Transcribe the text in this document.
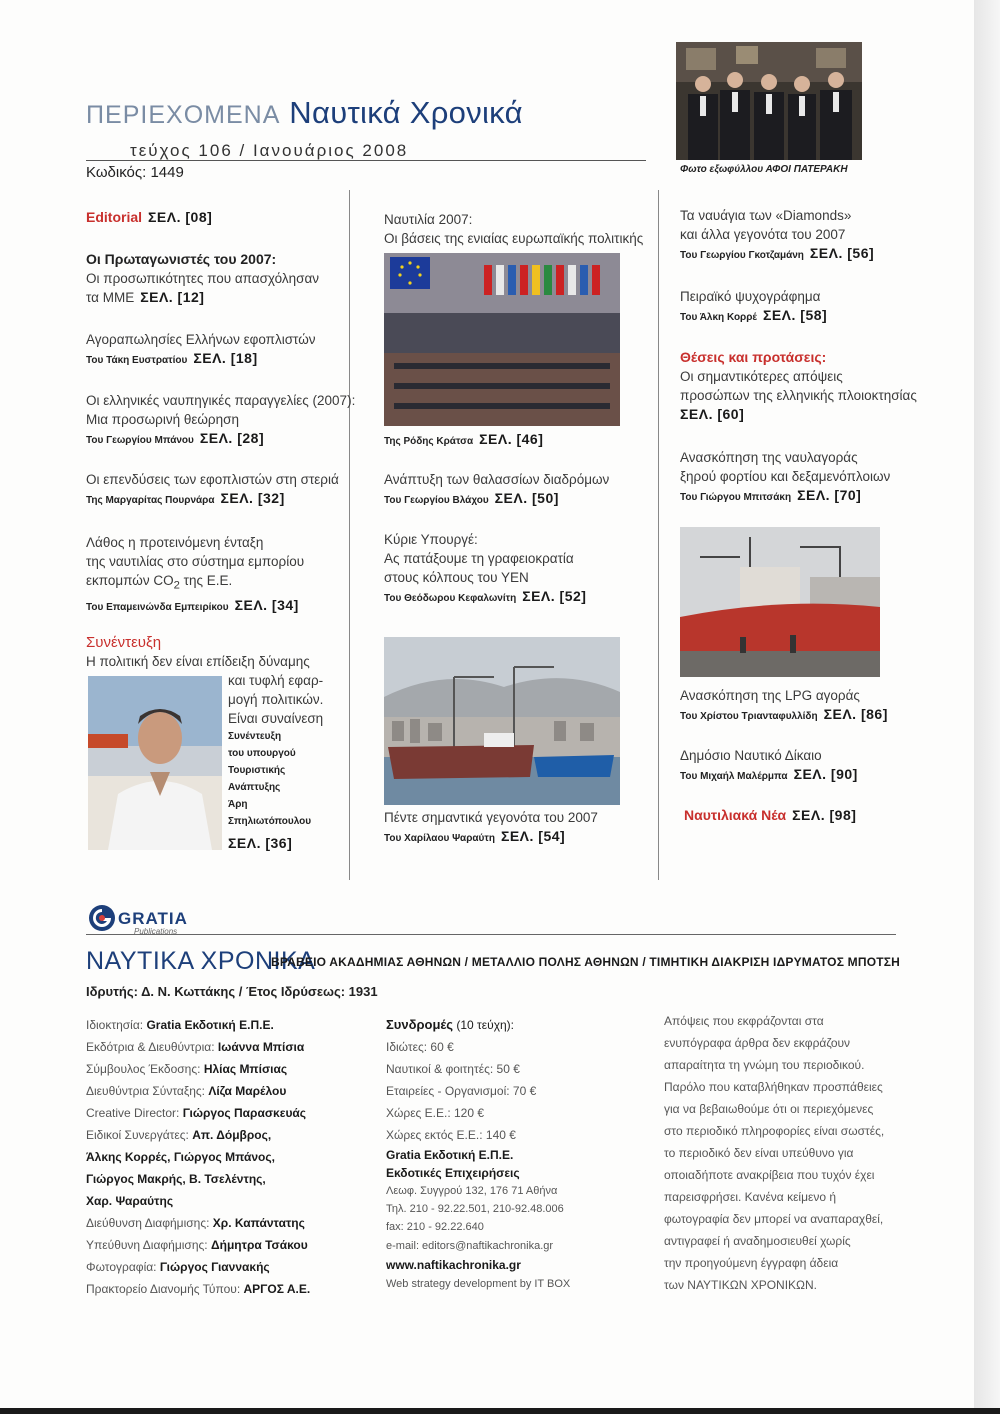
ΠΕΡΙΕΧΟΜΕΝΑ Ναυτικά Χρονικά
τεύχος 106 / Ιανουάριος 2008
Κωδικός: 1449	Φωτο εξωφύλλου ΑΦΟΙ ΠΑΤΕΡΑΚΗ
Editorial ΣΕΛ. [08]
Οι Πρωταγωνιστές του 2007:
Οι προσωπικότητες που απασχόλησαν
τα ΜΜΕ ΣΕΛ. [12]
Αγοραπωλησίες Ελλήνων εφοπλιστών
Του Τάκη Ευστρατίου ΣΕΛ. [18]
Οι ελληνικές ναυπηγικές παραγγελίες (2007):
Μια προσωρινή θεώρηση
Του Γεωργίου Μπάνου ΣΕΛ. [28]
Οι επενδύσεις των εφοπλιστών στη στεριά
Της Μαργαρίτας Πουρνάρα ΣΕΛ. [32]
Λάθος η προτεινόμενη ένταξη
της ναυτιλίας στο σύστημα εμπορίου
εκπομπών $CO_2$ της Ε.Ε.
Του Επαμεινώνδα Εμπειρίκου ΣΕΛ. [34]
Συνέντευξη
Η πολιτική δεν είναι επίδειξη δύναμης
και τυφλή εφαρ-
μογή πολιτικών.
Είναι συναίνεση
Συνέντευξη
του υπουργού
Τουριστικής
Ανάπτυξης
Άρη
Σπηλιωτόπουλου
ΣΕΛ. [36]
Ναυτιλία 2007:
Οι βάσεις της ενιαίας ευρωπαϊκής πολιτικής
Της Ρόδης Κράτσα ΣΕΛ. [46]
Ανάπτυξη των θαλασσίων διαδρόμων
Του Γεωργίου Βλάχου ΣΕΛ. [50]
Κύριε Υπουργέ:
Ας πατάξουμε τη γραφειοκρατία
στους κόλπους του ΥΕΝ
Του Θεόδωρου Κεφαλωνίτη ΣΕΛ. [52]
Πέντε σημαντικά γεγονότα του 2007
Του Χαρίλαου Ψαραύτη ΣΕΛ. [54]
Τα ναυάγια των «Diamonds»
και άλλα γεγονότα του 2007
Του Γεωργίου Γκοτζαμάνη ΣΕΛ. [56]
Πειραϊκό ψυχογράφημα
Του Άλκη Κορρέ ΣΕΛ. [58]
Θέσεις και προτάσεις:
Οι σημαντικότερες απόψεις
προσώπων της ελληνικής πλοιοκτησίας
ΣΕΛ. [60]
Ανασκόπηση της ναυλαγοράς
ξηρού φορτίου και δεξαμενόπλοιων
Του Γιώργου Μπιτσάκη ΣΕΛ. [70]
Ανασκόπηση της LPG αγοράς
Του Χρίστου Τριανταφυλλίδη ΣΕΛ. [86]
Δημόσιο Ναυτικό Δίκαιο
Του Μιχαήλ Μαλέρμπα ΣΕΛ. [90]
Ναυτιλιακά Νέα ΣΕΛ. [98]
GRATIA
Publications
ΝΑΥΤΙΚΑ ΧΡΟΝΙΚΑ
ΒΡΑΒΕΙΟ ΑΚΑΔΗΜΙΑΣ ΑΘΗΝΩΝ / ΜΕΤΑΛΛΙΟ ΠΟΛΗΣ ΑΘΗΝΩΝ / ΤΙΜΗΤΙΚΗ ΔΙΑΚΡΙΣΗ ΙΔΡΥΜΑΤΟΣ ΜΠΟΤΣΗ
Ιδρυτής: Δ. Ν. Κωττάκης / Έτος Ιδρύσεως: 1931
Ιδιοκτησία: Gratia Εκδοτική Ε.Π.Ε.
Εκδότρια & Διευθύντρια: Ιωάννα Μπίσια
Σύμβουλος Έκδοσης: Ηλίας Μπίσιας
Διευθύντρια Σύνταξης: Λίζα Μαρέλου
Creative Director: Γιώργος Παρασκευάς
Ειδικοί Συνεργάτες: Απ. Δόμβρος,
Άλκης Κορρές, Γιώργος Μπάνος,
Γιώργος Μακρής, Β. Τσελέντης,
Χαρ. Ψαραύτης
Διεύθυνση Διαφήμισης: Χρ. Καπάντατης
Υπεύθυνη Διαφήμισης: Δήμητρα Τσάκου
Φωτογραφία: Γιώργος Γιαννακής
Πρακτορείο Διανομής Τύπου: ΑΡΓΟΣ Α.Ε.
Συνδρομές (10 τεύχη):
Ιδιώτες: 60 €
Ναυτικοί & φοιτητές: 50 €
Εταιρείες - Οργανισμοί: 70 €
Χώρες Ε.Ε.: 120 €
Χώρες εκτός Ε.Ε.: 140 €
Gratia Εκδοτική Ε.Π.Ε.
Εκδοτικές Επιχειρήσεις
Λεωφ. Συγγρού 132, 176 71 Αθήνα
Τηλ. 210 - 92.22.501, 210-92.48.006
fax: 210 - 92.22.640
e-mail: editors@naftikachronika.gr
www.naftikachronika.gr
Web strategy development by IT BOX
Απόψεις που εκφράζονται στα
ενυπόγραφα άρθρα δεν εκφράζουν
απαραίτητα τη γνώμη του περιοδικού.
Παρόλο που καταβλήθηκαν προσπάθειες
για να βεβαιωθούμε ότι οι περιεχόμενες
στο περιοδικό πληροφορίες είναι σωστές,
το περιοδικό δεν είναι υπεύθυνο για
οποιαδήποτε ανακρίβεια που τυχόν έχει
παρεισφρήσει. Κανένα κείμενο ή
φωτογραφία δεν μπορεί να αναπαραχθεί,
αντιγραφεί ή αναδημοσιευθεί χωρίς
την προηγούμενη έγγραφη άδεια
των ΝΑΥΤΙΚΩΝ ΧΡΟΝΙΚΩΝ.
